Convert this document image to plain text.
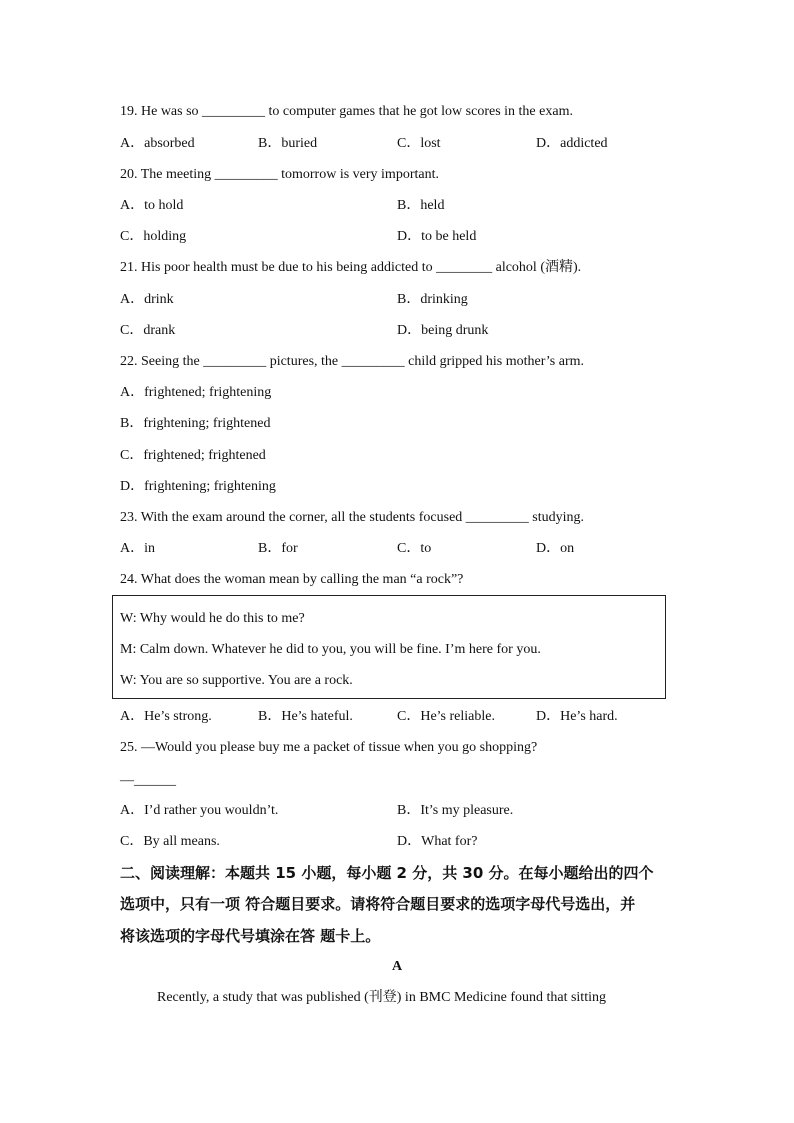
19. He was so _________ to computer games that he got low scores in the exam.
A．absorbed	B．buried	C．lost	D．addicted
20. The meeting _________ tomorrow is very important.
A．to hold	B．held
C．holding	D．to be held
21. His poor health must be due to his being addicted to ________ alcohol (酒精).
A．drink	B．drinking
C．drank	D．being drunk
22. Seeing the _________ pictures, the _________ child gripped his mother’s arm.
A．frightened; frightening
B．frightening; frightened
C．frightened; frightened
D．frightening; frightening
23. With the exam around the corner, all the students focused _________ studying.
A．in	B．for	C．to	D．on
24. What does the woman mean by calling the man “a rock”?
W: Why would he do this to me?
M: Calm down. Whatever he did to you, you will be fine. I’m here for you.
W: You are so supportive. You are a rock.
A．He’s strong.	B．He’s hateful.	C．He’s reliable.	D．He’s hard.
25. —Would you please buy me a packet of tissue when you go shopping?
—______
A．I’d rather you wouldn’t.	B．It’s my pleasure.
C．By all means.	D．What for?
二、阅读理解：本题共 15 小题，每小题 2 分，共 30 分。在每小题给出的四个
选项中，只有一项 符合题目要求。请将符合题目要求的选项字母代号选出，并
将该选项的字母代号填涂在答 题卡上。
A
Recently, a study that was published (刊登) in BMC Medicine found that sitting
